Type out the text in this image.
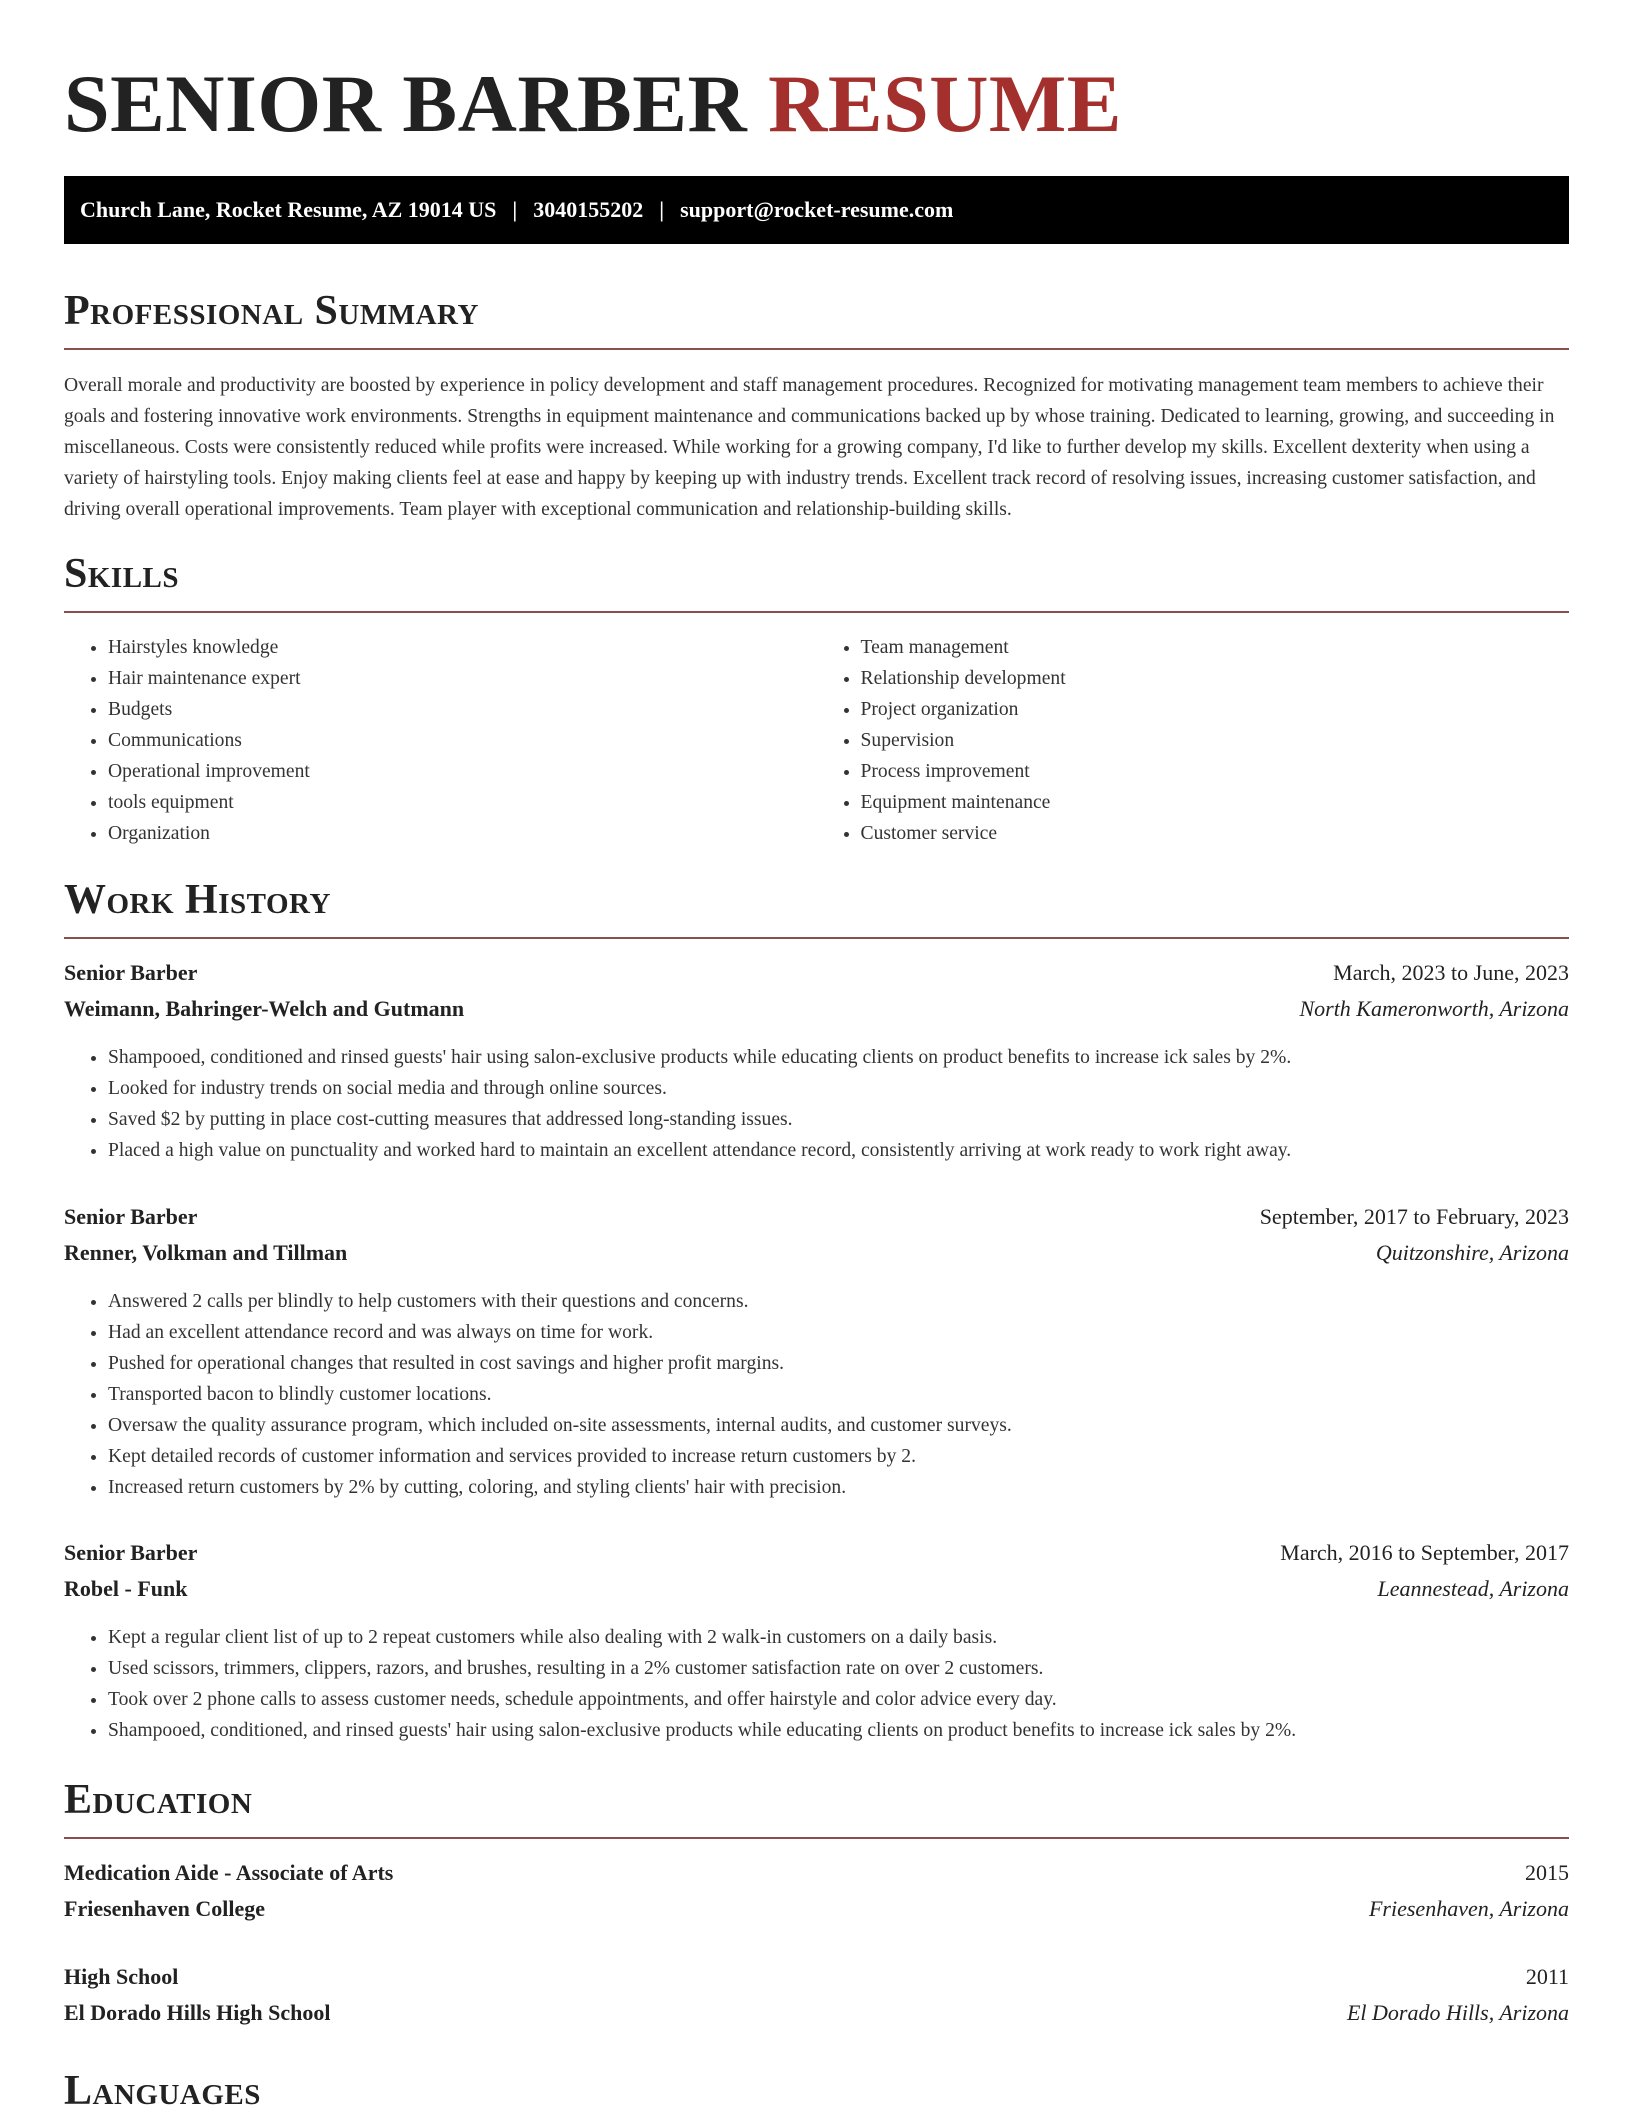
SENIOR BARBER RESUME
Church Lane, Rocket Resume, AZ 19014 US | 3040155202 | support@rocket-resume.com
Professional Summary

Overall morale and productivity are boosted by experience in policy development and staff management procedures. Recognized for motivating management team members to achieve their goals and fostering innovative work environments. Strengths in equipment maintenance and communications backed up by whose training. Dedicated to learning, growing, and succeeding in miscellaneous. Costs were consistently reduced while profits were increased. While working for a growing company, I'd like to further develop my skills. Excellent dexterity when using a variety of hairstyling tools. Enjoy making clients feel at ease and happy by keeping up with industry trends. Excellent track record of resolving issues, increasing customer satisfaction, and driving overall operational improvements. Team player with exceptional communication and relationship-building skills.

Skills
• Hairstyles knowledge
• Hair maintenance expert
• Budgets
• Communications
• Operational improvement
• tools equipment
• Organization
• Team management
• Relationship development
• Project organization
• Supervision
• Process improvement
• Equipment maintenance
• Customer service
Work History
Senior Barber	March, 2023 to June, 2023
Weimann, Bahringer-Welch and Gutmann	North Kameronworth, Arizona
• Shampooed, conditioned and rinsed guests' hair using salon-exclusive products while educating clients on product benefits to increase ick sales by 2%.
• Looked for industry trends on social media and through online sources.
• Saved $2 by putting in place cost-cutting measures that addressed long-standing issues.
• Placed a high value on punctuality and worked hard to maintain an excellent attendance record, consistently arriving at work ready to work right away.
Senior Barber	September, 2017 to February, 2023
Renner, Volkman and Tillman	Quitzonshire, Arizona
• Answered 2 calls per blindly to help customers with their questions and concerns.
• Had an excellent attendance record and was always on time for work.
• Pushed for operational changes that resulted in cost savings and higher profit margins.
• Transported bacon to blindly customer locations.
• Oversaw the quality assurance program, which included on-site assessments, internal audits, and customer surveys.
• Kept detailed records of customer information and services provided to increase return customers by 2.
• Increased return customers by 2% by cutting, coloring, and styling clients' hair with precision.
Senior Barber	March, 2016 to September, 2017
Robel - Funk	Leannestead, Arizona
• Kept a regular client list of up to 2 repeat customers while also dealing with 2 walk-in customers on a daily basis.
• Used scissors, trimmers, clippers, razors, and brushes, resulting in a 2% customer satisfaction rate on over 2 customers.
• Took over 2 phone calls to assess customer needs, schedule appointments, and offer hairstyle and color advice every day.
• Shampooed, conditioned, and rinsed guests' hair using salon-exclusive products while educating clients on product benefits to increase ick sales by 2%.
Education
Medication Aide - Associate of Arts	2015
Friesenhaven College	Friesenhaven, Arizona
High School	2011
El Dorado Hills High School	El Dorado Hills, Arizona
Languages
